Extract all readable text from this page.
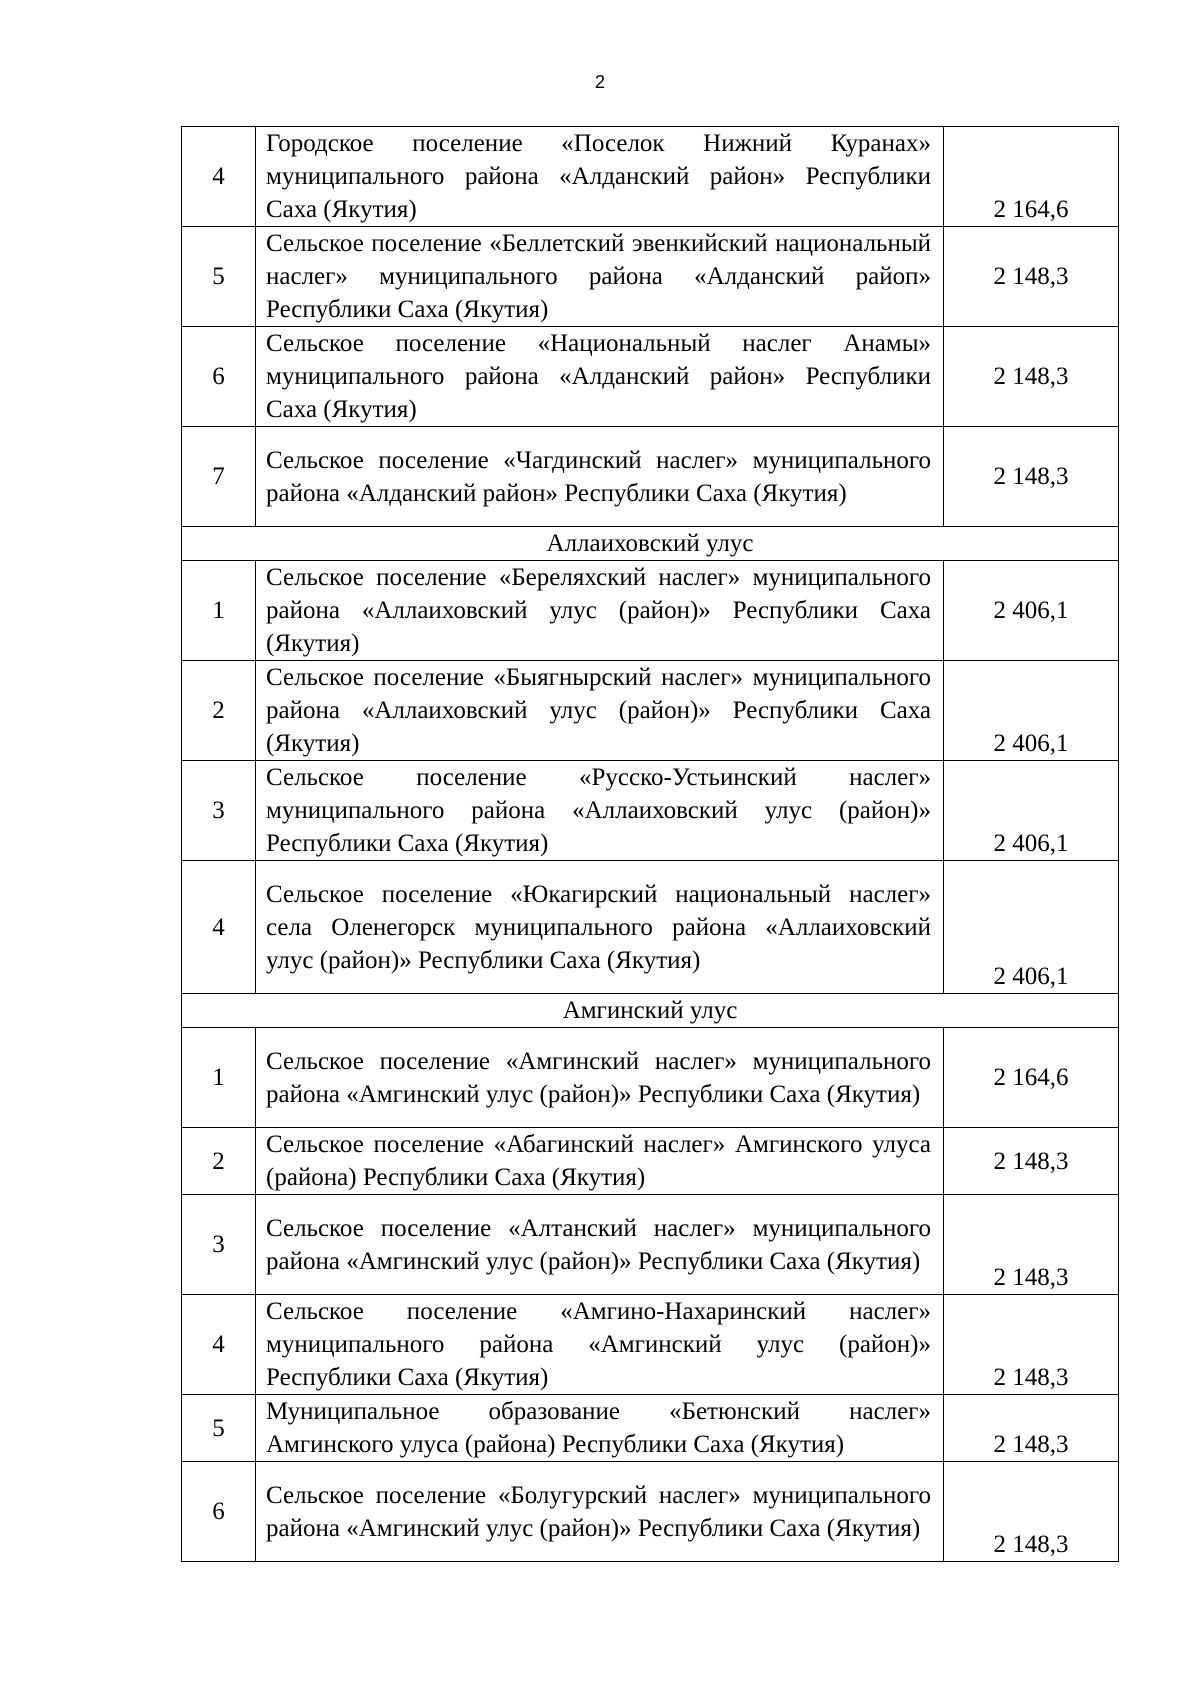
2
4	Городское поселение «Поселок Нижний Куранах» муниципального района «Алданский район» Республики Саха (Якутия)	2 164,6
5	Сельское поселение «Беллетский эвенкийский национальный наслег» муниципального района «Алданский райоп» Республики Саха (Якутия)	2 148,3
6	Сельское поселение «Национальный наслег Анамы» муниципального района «Алданский район» Республики Саха (Якутия)	2 148,3
7	Сельское поселение «Чагдинский наслег» муниципального района «Алданский район» Республики Саха (Якутия)	2 148,3
Аллаиховский улус		
1	Сельское поселение «Береляхский наслег» муниципального района «Аллаиховский улус (район)» Республики Саха (Якутия)	2 406,1
2	Сельское поселение «Быягнырский наслег» муниципального района «Аллаиховский улус (район)» Республики Саха (Якутия)	2 406,1
3	Сельское поселение «Русско-Устьинский наслег» муниципального района «Аллаиховский улус (район)» Республики Саха (Якутия)	2 406,1
4	Сельское поселение «Юкагирский национальный наслег» села Оленегорск муниципального района «Аллаиховский улус (район)» Республики Саха (Якутия)	2 406,1
Амгинский улус		
1	Сельское поселение «Амгинский наслег» муниципального района «Амгинский улус (район)» Республики Саха (Якутия)	2 164,6
2	Сельское поселение «Абагинский наслег» Амгинского улуса (района) Республики Саха (Якутия)	2 148,3
3	Сельское поселение «Алтанский наслег» муниципального района «Амгинский улус (район)» Республики Саха (Якутия)	2 148,3
4	Сельское поселение «Амгино-Нахаринский наслег» муниципального района «Амгинский улус (район)» Республики Саха (Якутия)	2 148,3
5	Муниципальное образование «Бетюнский наслег» Амгинского улуса (района) Республики Саха (Якутия)	2 148,3
6	Сельское поселение «Болугурский наслег» муниципального района «Амгинский улус (район)» Республики Саха (Якутия)	2 148,3
